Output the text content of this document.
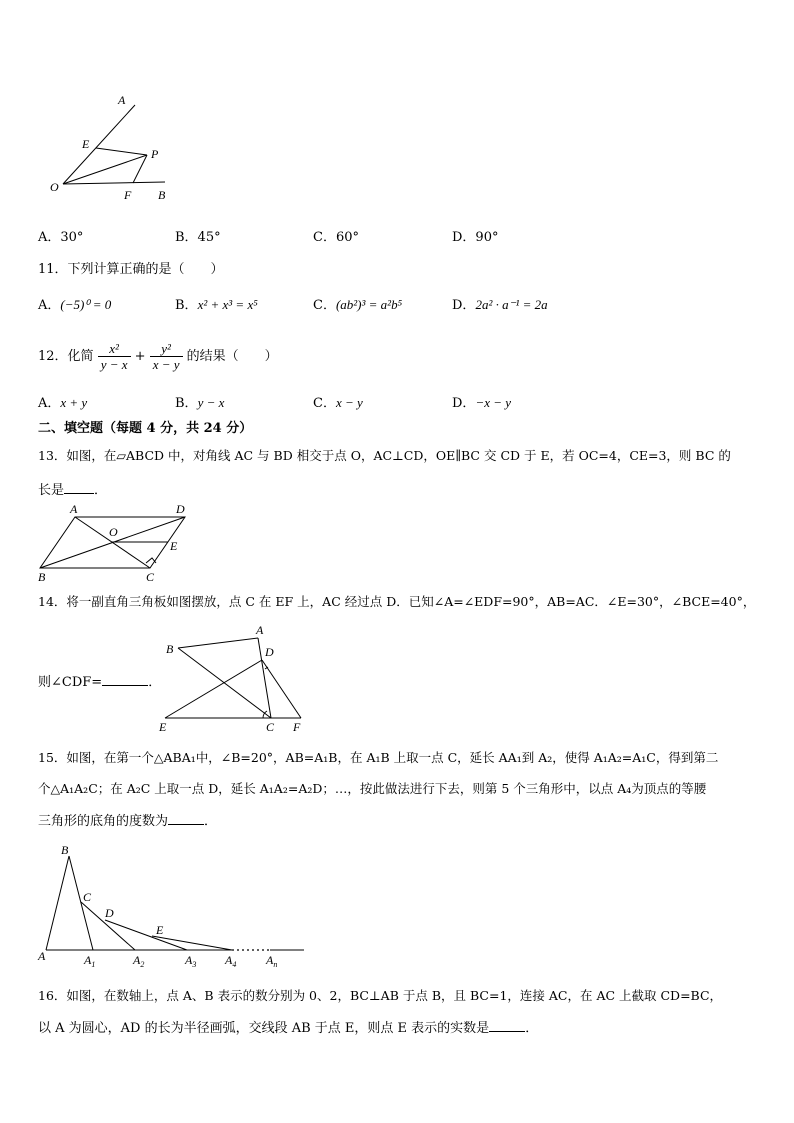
A
E
P
O
F B
A．30°	B．45°	C．60°	D．90°
11．下列计算正确的是（　　）
A．(−5)⁰ = 0	B．x² + x³ = x⁵	C．(ab²)³ = a²b⁵	D．2a² · a⁻¹ = 2a
12．化简 $\frac{\text{x²}}{y - x} + \frac{\text{y²}}{x - y}$ 的结果（　　）
A．x + y	B．y − x	C．x − y	D．−x − y
二、填空题（每题 4 分，共 24 分）
13．如图，在▱ABCD 中，对角线 AC 与 BD 相交于点 O，AC⊥CD，OE∥BC 交 CD 于 E，若 OC=4，CE=3，则 BC 的
长是 ．
A	D
O
E
B	C
14．将一副直角三角板如图摆放，点 C 在 EF 上，AC 经过点 D．已知∠A=∠EDF=90°，AB=AC．∠E=30°，∠BCE=40°，
则∠CDF=	．
A
B	D
E	C F
15．如图，在第一个△ABA₁中，∠B=20°，AB=A₁B，在 A₁B 上取一点 C，延长 AA₁到 A₂，使得 A₁A₂=A₁C，得到第二
个△A₁A₂C；在 A₂C 上取一点 D，延长 A₁A₂=A₂D；…，按此做法进行下去，则第 5 个三角形中，以点 A₄为顶点的等腰
三角形的底角的度数为	．
B
C
D
E
A	$A_1$	$A_2$	$A_3$ $A_4$ $A_n$
16．如图，在数轴上，点 A、B 表示的数分别为 0、2，BC⊥AB 于点 B，且 BC=1，连接 AC，在 AC 上截取 CD=BC，
以 A 为圆心，AD 的长为半径画弧，交线段 AB 于点 E，则点 E 表示的实数是	．
